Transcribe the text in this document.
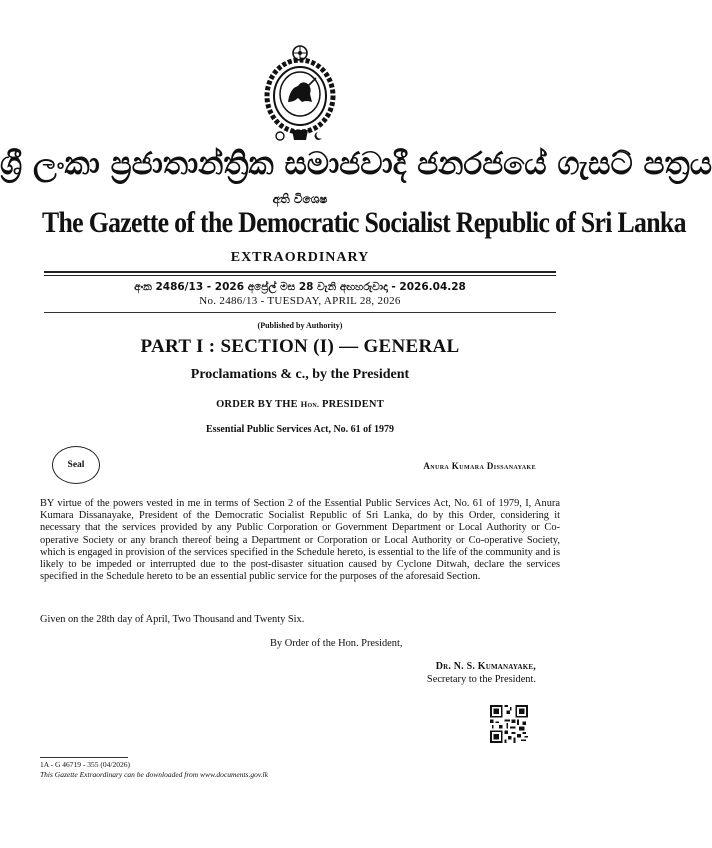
ශ්‍රී ලංකා ප්‍රජාතාන්ත්‍රික සමාජවාදී ජනරජයේ ගැසට් පත්‍රය
අති විශෙෂ
The Gazette of the Democratic Socialist Republic of Sri Lanka
EXTRAORDINARY
අංක 2486/13 - 2026 අප්‍රේල් මස 28 වැනි අඟහරුවාදා - 2026.04.28
No. 2486/13 - TUESDAY, APRIL 28, 2026
(Published by Authority)
PART I : SECTION (I) — GENERAL
Proclamations & c., by the President
ORDER BY THE Hon. PRESIDENT
Essential Public Services Act, No. 61 of 1979
Seal	Anura Kumara Dissanayake
BY virtue of the powers vested in me in terms of Section 2 of the Essential Public Services Act, No. 61 of 1979, I, Anura Kumara Dissanayake, President of the Democratic Socialist Republic of Sri Lanka, do by this Order, considering it necessary that the services provided by any Public Corporation or Government Department or Local Authority or Co-operative Society or any branch thereof being a Department or Corporation or Local Authority or Co-operative Society, which is engaged in provision of the services specified in the Schedule hereto, is essential to the life of the community and is likely to be impeded or interrupted due to the post-disaster situation caused by Cyclone Ditwah, declare the services specified in the Schedule hereto to be an essential public service for the purposes of the aforesaid Section.
Given on the 28th day of April, Two Thousand and Twenty Six.
By Order of the Hon. President,
Dr. N. S. Kumanayake,
Secretary to the President.
1A - G 46719 - 355 (04/2026)
This Gazette Extraordinary can be downloaded from www.documents.gov.lk
